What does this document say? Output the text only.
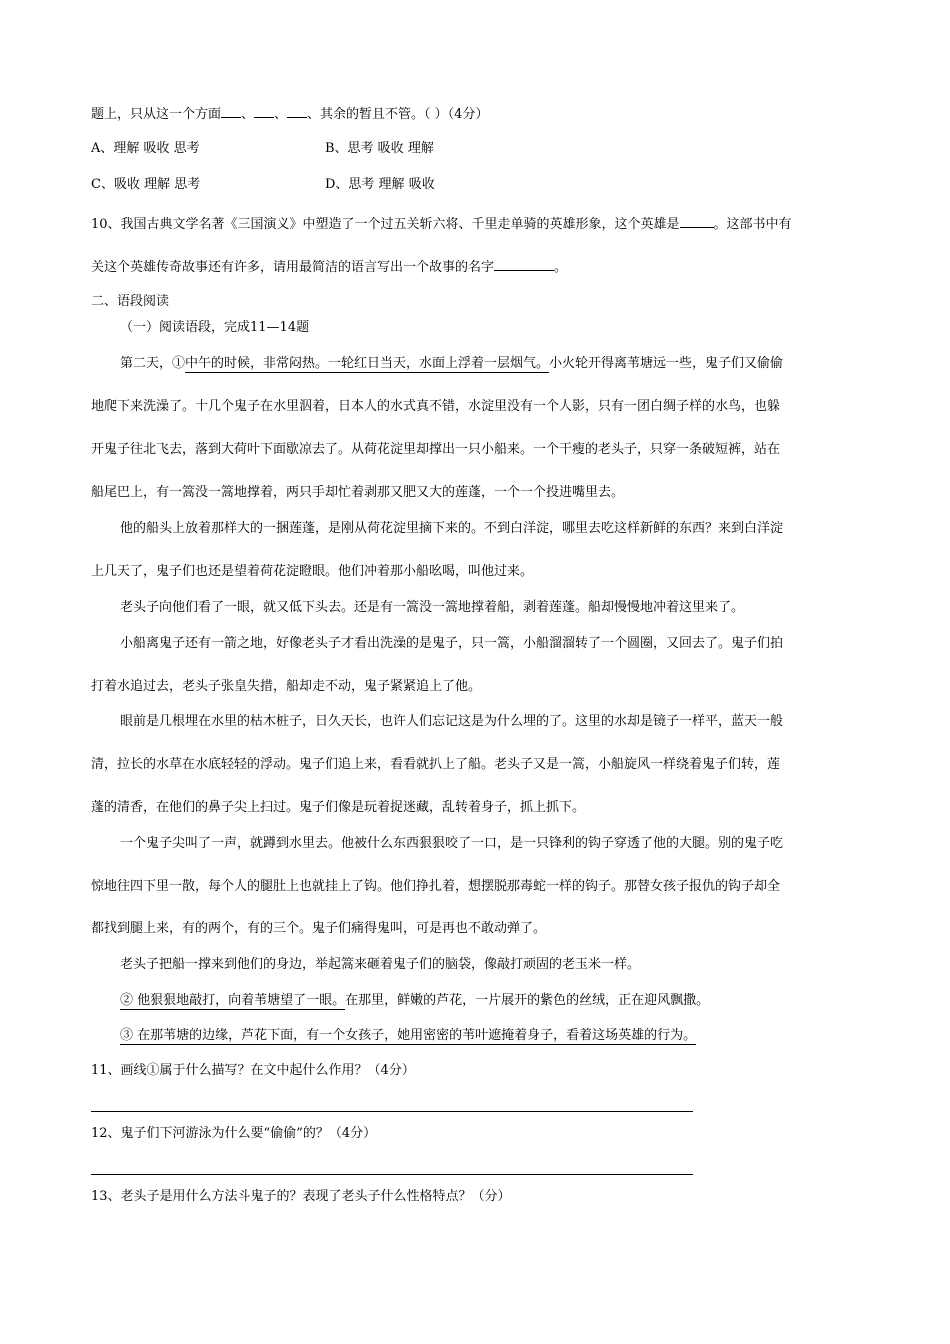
题上，只从这一个方面 、 、 、其余的暂且不管。（ ）（4分）
A、理解 吸收 思考	B、思考 吸收 理解
C、吸收 理解 思考	D、思考 理解 吸收
10、我国古典文学名著《三国演义》中塑造了一个过五关斩六将、千里走单骑的英雄形象，这个英雄是	。这部书中有
关这个英雄传奇故事还有许多，请用最简洁的语言写出一个故事的名字	。
二、语段阅读
（一）阅读语段，完成11—14题
第二天，①中午的时候，非常闷热。一轮红日当天，水面上浮着一层烟气。小火轮开得离苇塘远一些，鬼子们又偷偷
地爬下来洗澡了。十几个鬼子在水里泅着，日本人的水式真不错，水淀里没有一个人影，只有一团白绸子样的水鸟，也躲
开鬼子往北飞去，落到大荷叶下面歇凉去了。从荷花淀里却撑出一只小船来。一个干瘦的老头子，只穿一条破短裤，站在
船尾巴上，有一篙没一篙地撑着，两只手却忙着剥那又肥又大的莲蓬，一个一个投进嘴里去。
他的船头上放着那样大的一捆莲蓬，是刚从荷花淀里摘下来的。不到白洋淀，哪里去吃这样新鲜的东西？来到白洋淀
上几天了，鬼子们也还是望着荷花淀瞪眼。他们冲着那小船吆喝，叫他过来。
老头子向他们看了一眼，就又低下头去。还是有一篙没一篙地撑着船，剥着莲蓬。船却慢慢地冲着这里来了。
小船离鬼子还有一箭之地，好像老头子才看出洗澡的是鬼子，只一篙，小船溜溜转了一个圆圈，又回去了。鬼子们拍
打着水追过去，老头子张皇失措，船却走不动，鬼子紧紧追上了他。
眼前是几根埋在水里的枯木桩子，日久天长，也许人们忘记这是为什么埋的了。这里的水却是镜子一样平，蓝天一般
清，拉长的水草在水底轻轻的浮动。鬼子们追上来，看看就扒上了船。老头子又是一篙，小船旋风一样绕着鬼子们转，莲
蓬的清香，在他们的鼻子尖上扫过。鬼子们像是玩着捉迷藏，乱转着身子，抓上抓下。
一个鬼子尖叫了一声，就蹲到水里去。他被什么东西狠狠咬了一口，是一只锋利的钩子穿透了他的大腿。别的鬼子吃
惊地往四下里一散，每个人的腿肚上也就挂上了钩。他们挣扎着，想摆脱那毒蛇一样的钩子。那替女孩子报仇的钩子却全
都找到腿上来，有的两个，有的三个。鬼子们痛得鬼叫，可是再也不敢动弹了。
老头子把船一撑来到他们的身边，举起篙来砸着鬼子们的脑袋，像敲打顽固的老玉米一样。
② 他狠狠地敲打，向着苇塘望了一眼。在那里，鲜嫩的芦花，一片展开的紫色的丝绒，正在迎风飘撒。
③ 在那苇塘的边缘，芦花下面，有一个女孩子，她用密密的苇叶遮掩着身子，看着这场英雄的行为。
11、画线①属于什么描写？在文中起什么作用？（4分）
12、鬼子们下河游泳为什么要“偷偷”的？（4分）
13、老头子是用什么方法斗鬼子的？表现了老头子什么性格特点？（分）
